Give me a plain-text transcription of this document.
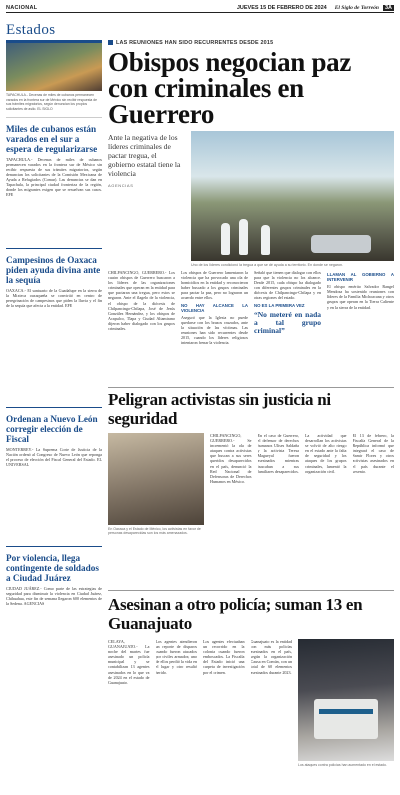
NACIONAL	JUEVES 15 DE FEBRERO DE 2024 El Siglo de Torreón	3A
Estados
TAPACHULA.- Decenas de miles de cubanos permanecen varados en la frontera sur de México sin recibir respuesta de sus trámites migratorios, según denuncian los propios solicitantes de asilo. EL SIGLO
Miles de cubanos están varados en el sur a espera de regularizarse

TAPACHULA.- Decenas de miles de cubanos permanecen varados en la frontera sur de México sin recibir respuesta de sus trámites migratorios, según denuncian los solicitantes de la Comisión Mexicana de Ayuda a Refugiados (Comar). Las denuncias se dan en Tapachula, la principal ciudad fronteriza de la región, donde los migrantes exigen que se resuelvan sus casos. EFE

Campesinos de Oaxaca piden ayuda divina ante la sequía

OAXACA.- El santuario de la Guadalupe en la sierra de la Mixteca oaxaqueña se convirtió en centro de peregrinación de campesinos que piden la lluvia y el fin de la sequía que afecta a la entidad. EFE

Ordenan a Nuevo León corregir elección de Fiscal

MONTERREY.- La Suprema Corte de Justicia de la Nación ordenó al Congreso de Nuevo León que reponga el proceso de elección del Fiscal General del Estado. EL UNIVERSAL

Por violencia, llega contingente de soldados a Ciudad Juárez

CIUDAD JUÁREZ.- Como parte de las estrategias de seguridad para disminuir la violencia en Ciudad Juárez, Chihuahua, este fin de semana llegaron 600 elementos de la Sedena. AGENCIAS

LAS REUNIONES HAN SIDO RECURRENTES DESDE 2015
Obispos negocian paz con criminales en Guerrero
Ante la negativa de los líderes criminales de pactar tregua, el gobierno estatal tiene la violencia
AGENCIAS
Uno de los líderes condicionó la tregua a que se dé ayuda a su territorio. En donde se negaron.
CHILPANCINGO, GUERRERO.- Los cuatro obispos de Guerrero buscaron a los líderes de las organizaciones criminales que operan en la entidad para que pactaran una tregua, pero estos se negaron. Ante el flagelo de la violencia, el obispo de la diócesis de Chilpancingo-Chilapa, José de Jesús González Hernández, y los obispos de Acapulco, Tlapa y Ciudad Altamirano dijeron haber dialogado con los grupos criminales.
Los obispos de Guerrero lamentaron la violencia que ha provocado una ola de homicidios en la entidad y reconocieron haber buscado a los grupos criminales para pactar la paz, pero no lograron un acuerdo entre ellos.
NO HAY ALCANCE LA VIOLENCIA
Aseguró que la Iglesia no puede quedarse con los brazos cruzados, ante la situación de las víctimas. Las reuniones han sido recurrentes desde 2015, cuando los líderes religiosos intentaron frenar la violencia.
Señaló que tienen que dialogar con ellos para que la violencia no los alcance. Desde 2015, cada obispo ha dialogado con diferentes grupos criminales en la diócesis de Chilpancingo-Chilapa y en otras regiones del estado.
NO ES LA PRIMERA VEZ
“No meteré en nada a tal grupo criminal”
LLAMAN AL GOBIERNO A INTERVENIR
El obispo emérito Salvador Rangel Mendoza ha sostenido reuniones con líderes de la Familia Michoacana y otros grupos que operan en la Tierra Caliente y en la sierra de la entidad.
Peligran activistas sin justicia ni seguridad
En Oaxaca y el Estado de México, los activistas en favor de personas desaparecidas son los más amenazados.
CHILPANCINGO, GUERRERO.- Se incrementó la ola de ataques contra activistas que buscan a sus seres queridos desaparecidos en el país, denunció la Red Nacional de Defensoras de Derechos Humanos en México.
En el caso de Guerrero, el defensor de derechos humanos Ulises Saldaña y la activista Teresa Magueyal fueron asesinados mientras buscaban a sus familiares desaparecidos.
La actividad que desarrollan los activistas se volvió de alto riesgo en el estado ante la falta de seguridad y los ataques de los grupos criminales, lamentó la organización civil.
El 13 de febrero, la Fiscalía General de la República informó que integrará el caso de Samir Flores y otros activistas asesinados en el país durante el sexenio.
Asesinan a otro policía; suman 13 en Guanajuato
CELAYA, GUANAJUATO.- La noche del martes fue asesinado un policía municipal y se contabilizan 13 agentes asesinados en lo que va de 2024 en el estado de Guanajuato.
Los agentes atendieron un reporte de disparos cuando fueron atacados por civiles armados; uno de ellos perdió la vida en el lugar y otro resultó herido.
Los agentes efectuaban un recorrido en la colonia cuando fueron emboscados. La Fiscalía del Estado inició una carpeta de investigación por el crimen.
Guanajuato es la entidad con más policías asesinados en el país, según la organización Causa en Común, con un total de 60 elementos asesinados durante 2023.
Los ataques contra policías han aumentado en el estado.
